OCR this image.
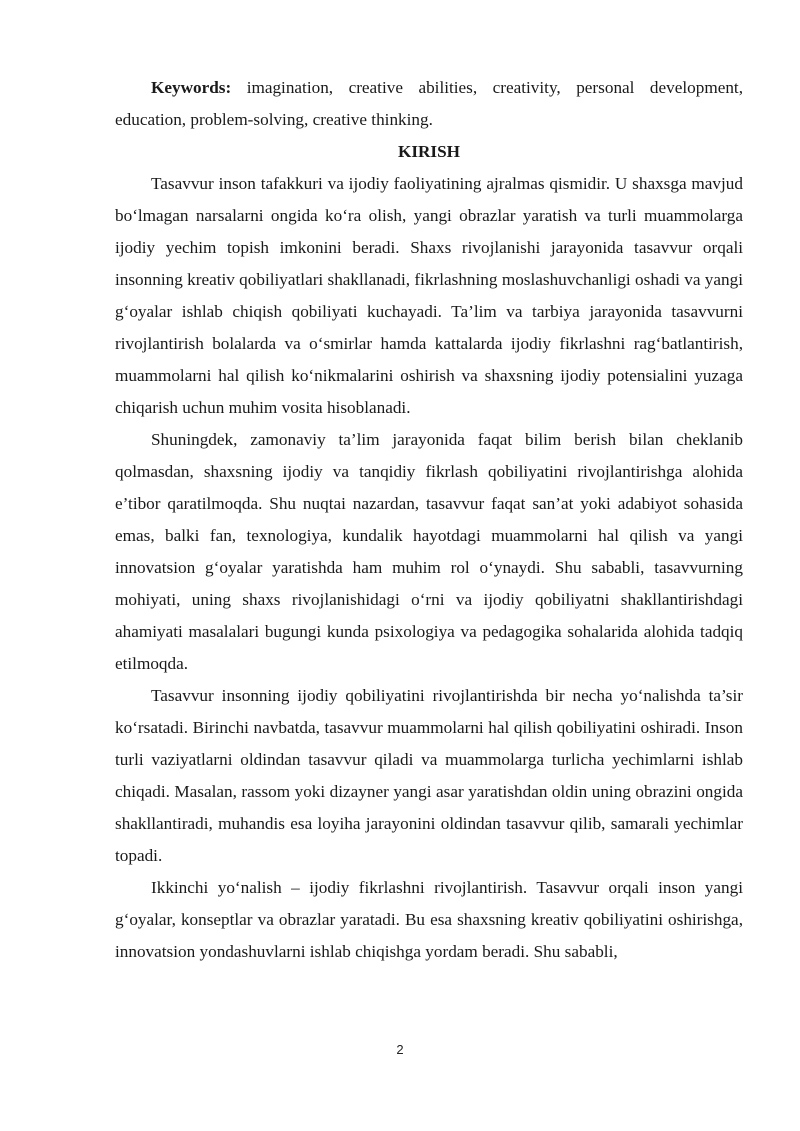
Keywords: imagination, creative abilities, creativity, personal development, education, problem-solving, creative thinking.

KIRISH

Tasavvur inson tafakkuri va ijodiy faoliyatining ajralmas qismidir. U shaxsga mavjud bo‘lmagan narsalarni ongida ko‘ra olish, yangi obrazlar yaratish va turli muammolarga ijodiy yechim topish imkonini beradi. Shaxs rivojlanishi jarayonida tasavvur orqali insonning kreativ qobiliyatlari shakllanadi, fikrlashning moslashuvchanligi oshadi va yangi g‘oyalar ishlab chiqish qobiliyati kuchayadi. Ta’lim va tarbiya jarayonida tasavvurni rivojlantirish bolalarda va o‘smirlar hamda kattalarda ijodiy fikrlashni rag‘batlantirish, muammolarni hal qilish ko‘nikmalarini oshirish va shaxsning ijodiy potensialini yuzaga chiqarish uchun muhim vosita hisoblanadi.

Shuningdek, zamonaviy ta’lim jarayonida faqat bilim berish bilan cheklanib qolmasdan, shaxsning ijodiy va tanqidiy fikrlash qobiliyatini rivojlantirishga alohida e’tibor qaratilmoqda. Shu nuqtai nazardan, tasavvur faqat san’at yoki adabiyot sohasida emas, balki fan, texnologiya, kundalik hayotdagi muammolarni hal qilish va yangi innovatsion g‘oyalar yaratishda ham muhim rol o‘ynaydi. Shu sababli, tasavvurning mohiyati, uning shaxs rivojlanishidagi o‘rni va ijodiy qobiliyatni shakllantirishdagi ahamiyati masalalari bugungi kunda psixologiya va pedagogika sohalarida alohida tadqiq etilmoqda.

Tasavvur insonning ijodiy qobiliyatini rivojlantirishda bir necha yo‘nalishda ta’sir ko‘rsatadi. Birinchi navbatda, tasavvur muammolarni hal qilish qobiliyatini oshiradi. Inson turli vaziyatlarni oldindan tasavvur qiladi va muammolarga turlicha yechimlarni ishlab chiqadi. Masalan, rassom yoki dizayner yangi asar yaratishdan oldin uning obrazini ongida shakllantiradi, muhandis esa loyiha jarayonini oldindan tasavvur qilib, samarali yechimlar topadi.

Ikkinchi yo‘nalish – ijodiy fikrlashni rivojlantirish. Tasavvur orqali inson yangi g‘oyalar, konseptlar va obrazlar yaratadi. Bu esa shaxsning kreativ qobiliyatini oshirishga, innovatsion yondashuvlarni ishlab chiqishga yordam beradi. Shu sababli,

2
